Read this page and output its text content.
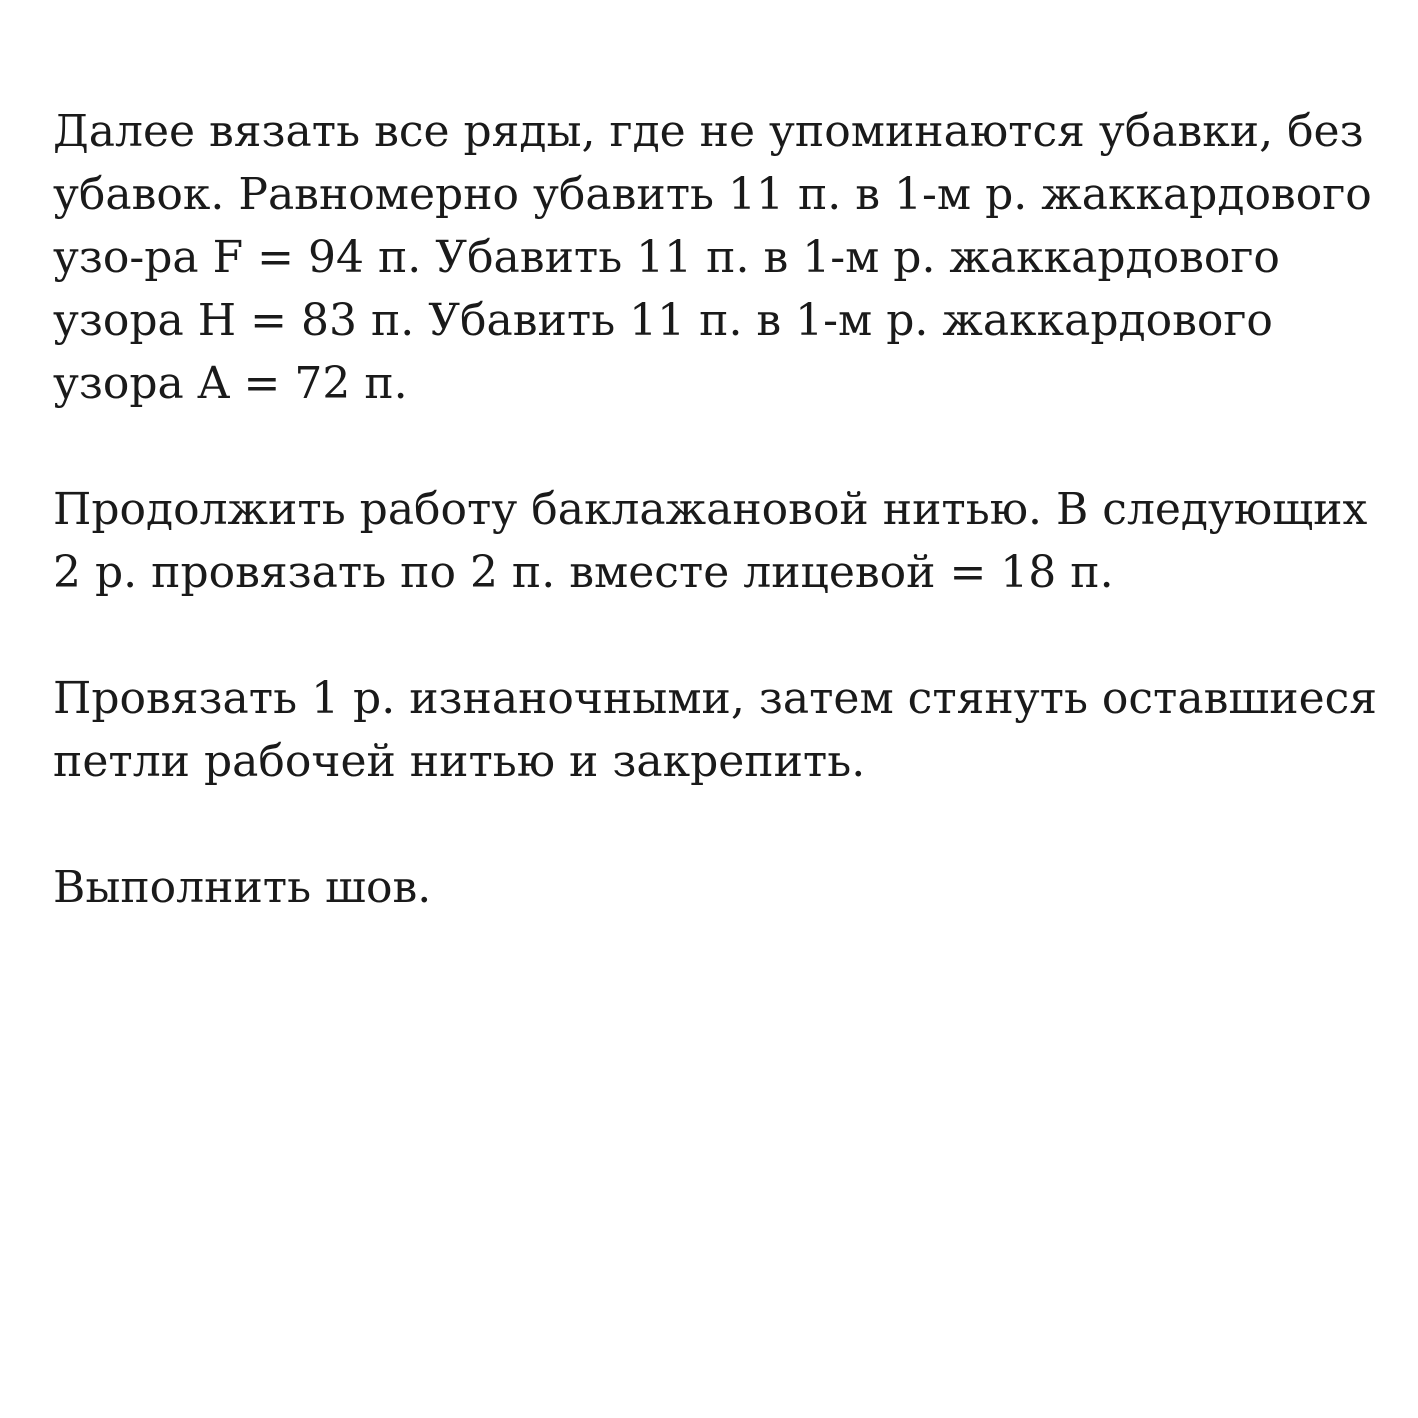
Далее вязать все ряды, где не упоминаются убавки, без
убавок. Равномерно убавить 11 п. в 1-м р. жаккардового
узо-ра F = 94 п. Убавить 11 п. в 1-м р. жаккардового
узора H = 83 п. Убавить 11 п. в 1-м р. жаккардового
узора A = 72 п.

Продолжить работу баклажановой нитью. В следующих
2 р. провязать по 2 п. вместе лицевой = 18 п.

Провязать 1 р. изнаночными, затем стянуть оставшиеся
петли рабочей нитью и закрепить.

Выполнить шов.
